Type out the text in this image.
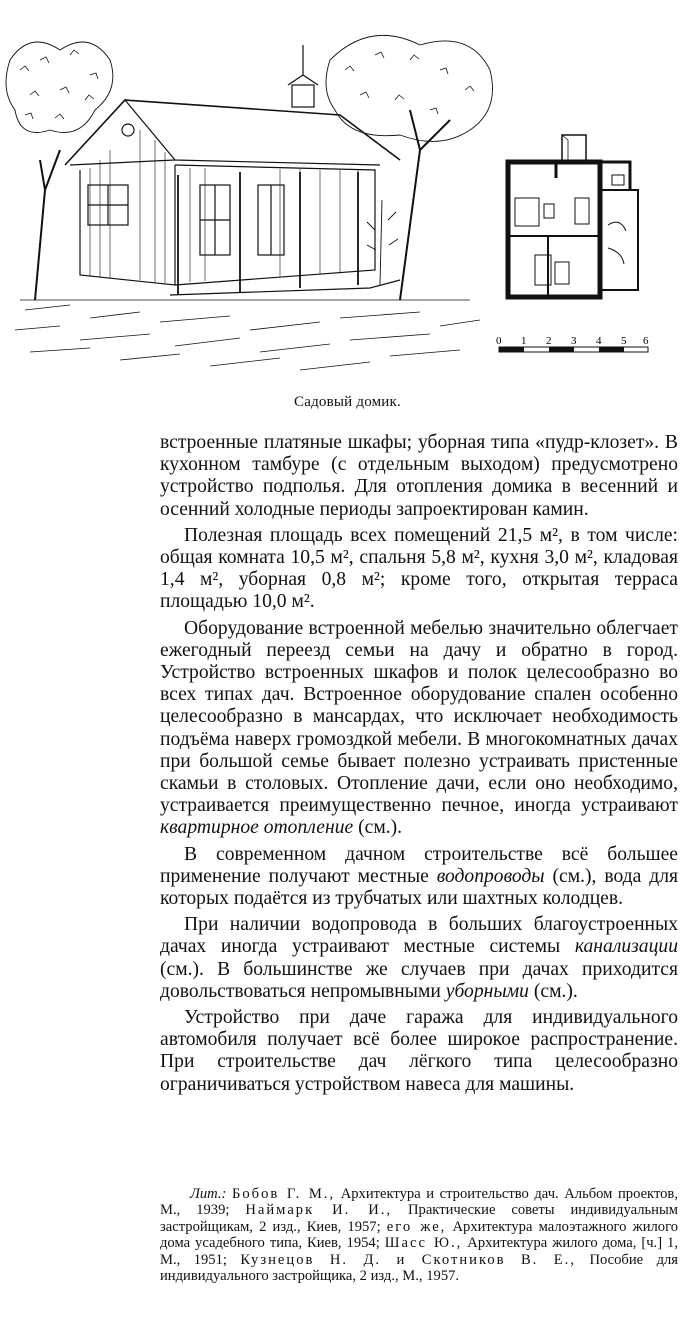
0 1 2 3 4 5 6
Садовый домик.

встроенные платяные шкафы; уборная типа «пудр-клозет». В кухонном тамбуре (с отдельным выходом) предусмотрено устройство подполья. Для отопления домика в весенний и осенний холодные периоды запроектирован камин.

Полезная площадь всех помещений 21,5 м², в том числе: общая комната 10,5 м², спальня 5,8 м², кухня 3,0 м², кладовая 1,4 м², уборная 0,8 м²; кроме того, открытая терраса площадью 10,0 м².

Оборудование встроенной мебелью значительно облегчает ежегодный переезд семьи на дачу и обратно в город. Устройство встроенных шкафов и полок целесообразно во всех типах дач. Встроенное оборудование спален особенно целесообразно в мансардах, что исключает необходимость подъёма наверх громоздкой мебели. В многокомнатных дачах при большой семье бывает полезно устраивать пристенные скамьи в столовых. Отопление дачи, если оно необходимо, устраивается преимущественно печное, иногда устраивают квартирное отопление (см.).

В современном дачном строительстве всё большее применение получают местные водопроводы (см.), вода для которых подаётся из трубчатых или шахтных колодцев.

При наличии водопровода в больших благоустроенных дачах иногда устраивают местные системы канализации (см.). В большинстве же случаев при дачах приходится довольствоваться непромывными уборными (см.).

Устройство при даче гаража для индивидуального автомобиля получает всё более широкое распространение. При строительстве дач лёгкого типа целесообразно ограничиваться устройством навеса для машины.

Лит.: Бобов Г. М., Архитектура и строительство дач. Альбом проектов, М., 1939; Наймарк И. И., Практические советы индивидуальным застройщикам, 2 изд., Киев, 1957; его же, Архитектура малоэтажного жилого дома усадебного типа, Киев, 1954; Шасс Ю., Архитектура жилого дома, [ч.] 1, М., 1951; Кузнецов Н. Д. и Скотников В. Е., Пособие для индивидуального застройщика, 2 изд., М., 1957.
